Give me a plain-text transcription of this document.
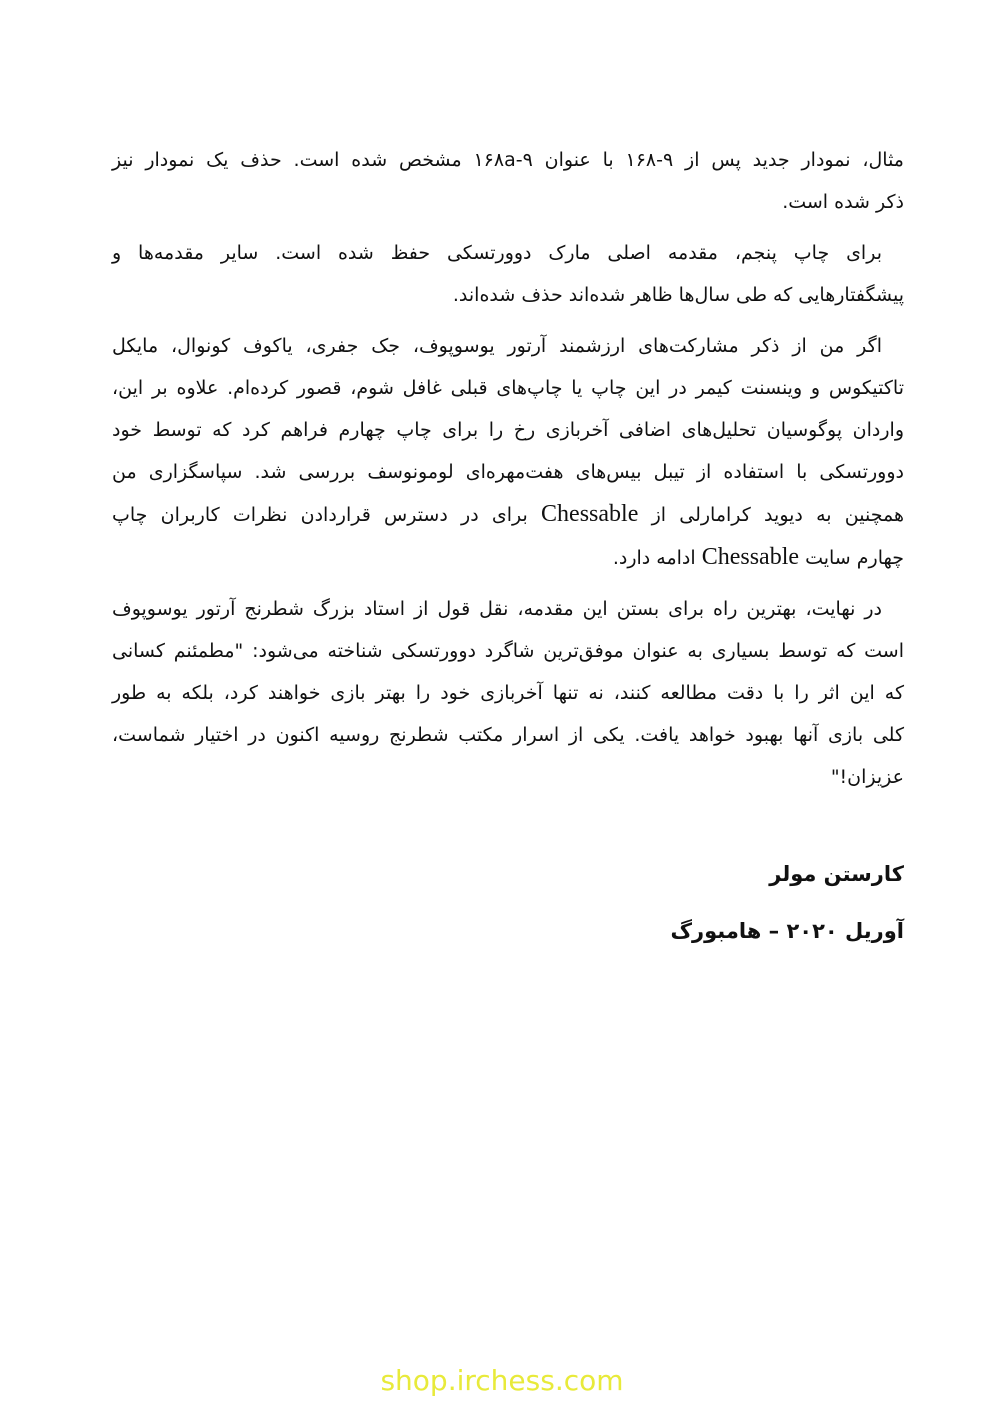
مثال، نمودار جدید پس از ۹-۱۶۸ با عنوان ۹-۱۶۸a مشخص شده است. حذف یک نمودار نیز
ذکر شده است.
برای چاپ پنجم، مقدمه اصلی مارک دوورتسکی حفظ شده است. سایر مقدمه‌ها و
پیشگفتارهایی که طی سال‌ها ظاهر شده‌اند حذف شده‌اند.
اگر من از ذکر مشارکت‌های ارزشمند آرتور یوسوپوف، جک جفری، یاکوف کونوال، مایکل
تاکتیکوس و وینسنت کیمر در این چاپ یا چاپ‌های قبلی غافل شوم، قصور کرده‌ام. علاوه بر این،
واردان پوگوسیان تحلیل‌های اضافی آخربازی رخ را برای چاپ چهارم فراهم کرد که توسط خود
دوورتسکی با استفاده از تیبل بیس‌های هفت‌مهره‌ای لومونوسف بررسی شد. سپاسگزاری من
همچنین به دیوید کرامارلی از Chessable برای در دسترس قراردادن نظرات کاربران چاپ
چهارم سایت Chessable ادامه دارد.
در نهایت، بهترین راه برای بستن این مقدمه، نقل قول از استاد بزرگ شطرنج آرتور یوسوپوف
است که توسط بسیاری به عنوان موفق‌ترین شاگرد دوورتسکی شناخته می‌شود: "مطمئنم کسانی
که این اثر را با دقت مطالعه کنند، نه تنها آخربازی خود را بهتر بازی خواهند کرد، بلکه به طور
کلی بازی آنها بهبود خواهد یافت. یکی از اسرار مکتب شطرنج روسیه اکنون در اختیار شماست،
عزیزان!"
کارستن مولر
آوریل ۲۰۲۰ – هامبورگ
shop.irchess.com
